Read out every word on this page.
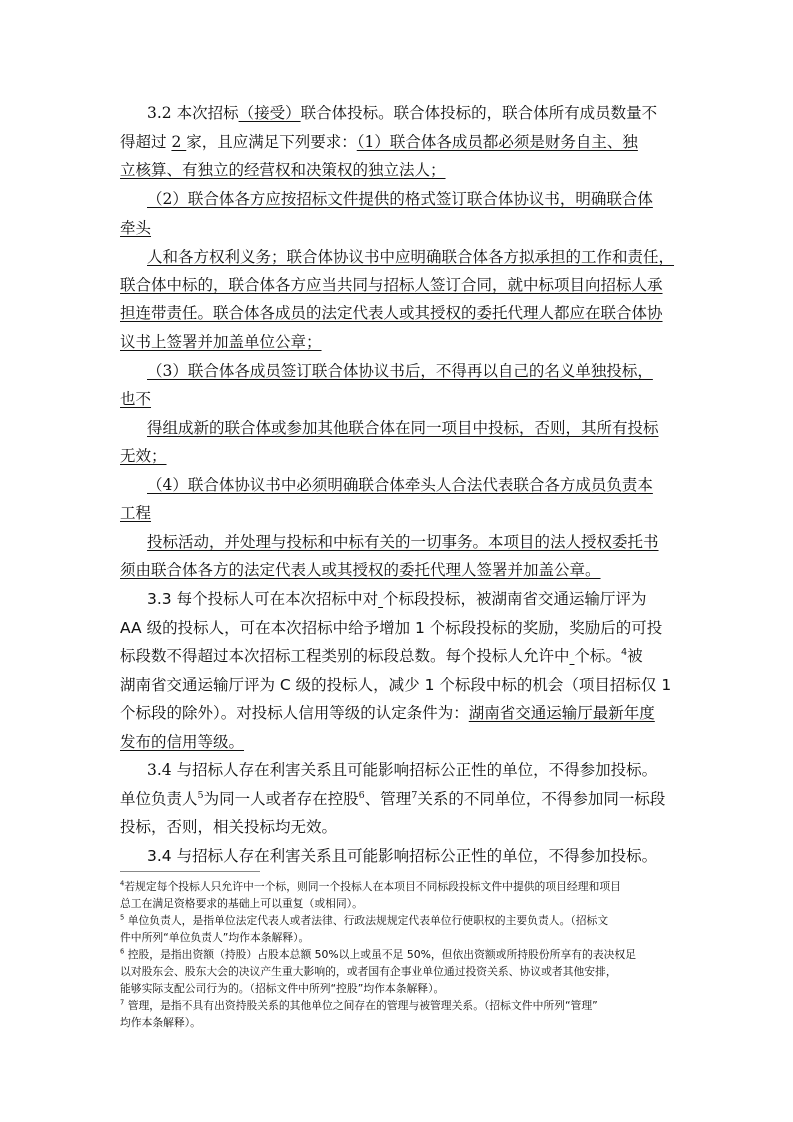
3.2 本次招标（接受）联合体投标。联合体投标的，联合体所有成员数量不
得超过 2 家，且应满足下列要求：（1）联合体各成员都必须是财务自主、独
立核算、有独立的经营权和决策权的独立法人；
（2）联合体各方应按招标文件提供的格式签订联合体协议书，明确联合体
牵头
人和各方权利义务；联合体协议书中应明确联合体各方拟承担的工作和责任，
联合体中标的，联合体各方应当共同与招标人签订合同，就中标项目向招标人承
担连带责任。联合体各成员的法定代表人或其授权的委托代理人都应在联合体协
议书上签署并加盖单位公章；
（3）联合体各成员签订联合体协议书后，不得再以自己的名义单独投标，
也不
得组成新的联合体或参加其他联合体在同一项目中投标，否则，其所有投标
无效；
（4）联合体协议书中必须明确联合体牵头人合法代表联合各方成员负责本
工程
投标活动，并处理与投标和中标有关的一切事务。本项目的法人授权委托书
须由联合体各方的法定代表人或其授权的委托代理人签署并加盖公章。
3.3 每个投标人可在本次招标中对 个标段投标，被湖南省交通运输厅评为
AA 级的投标人，可在本次招标中给予增加 1 个标段投标的奖励，奖励后的可投
标段数不得超过本次招标工程类别的标段总数。每个投标人允许中 个标。$^4$被
湖南省交通运输厅评为 C 级的投标人，减少 1 个标段中标的机会（项目招标仅 1
个标段的除外）。对投标人信用等级的认定条件为：湖南省交通运输厅最新年度
发布的信用等级。
3.4 与招标人存在利害关系且可能影响招标公正性的单位，不得参加投标。
单位负责人$^5$为同一人或者存在控股$^6$、管理$^7$关系的不同单位，不得参加同一标段
投标，否则，相关投标均无效。
3.4 与招标人存在利害关系且可能影响招标公正性的单位，不得参加投标。
$^4$若规定每个投标人只允许中一个标，则同一个投标人在本项目不同标段投标文件中提供的项目经理和项目
总工在满足资格要求的基础上可以重复（或相同）。
$^5$ 单位负责人，是指单位法定代表人或者法律、行政法规规定代表单位行使职权的主要负责人。（招标文
件中所列“单位负责人”均作本条解释）。
$^6$ 控股，是指出资额（持股）占股本总额 50%以上或虽不足 50%，但依出资额或所持股份所享有的表决权足
以对股东会、股东大会的决议产生重大影响的，或者国有企事业单位通过投资关系、协议或者其他安排，
能够实际支配公司行为的。（招标文件中所列“控股”均作本条解释）。
$^7$ 管理，是指不具有出资持股关系的其他单位之间存在的管理与被管理关系。（招标文件中所列“管理”
均作本条解释）。
